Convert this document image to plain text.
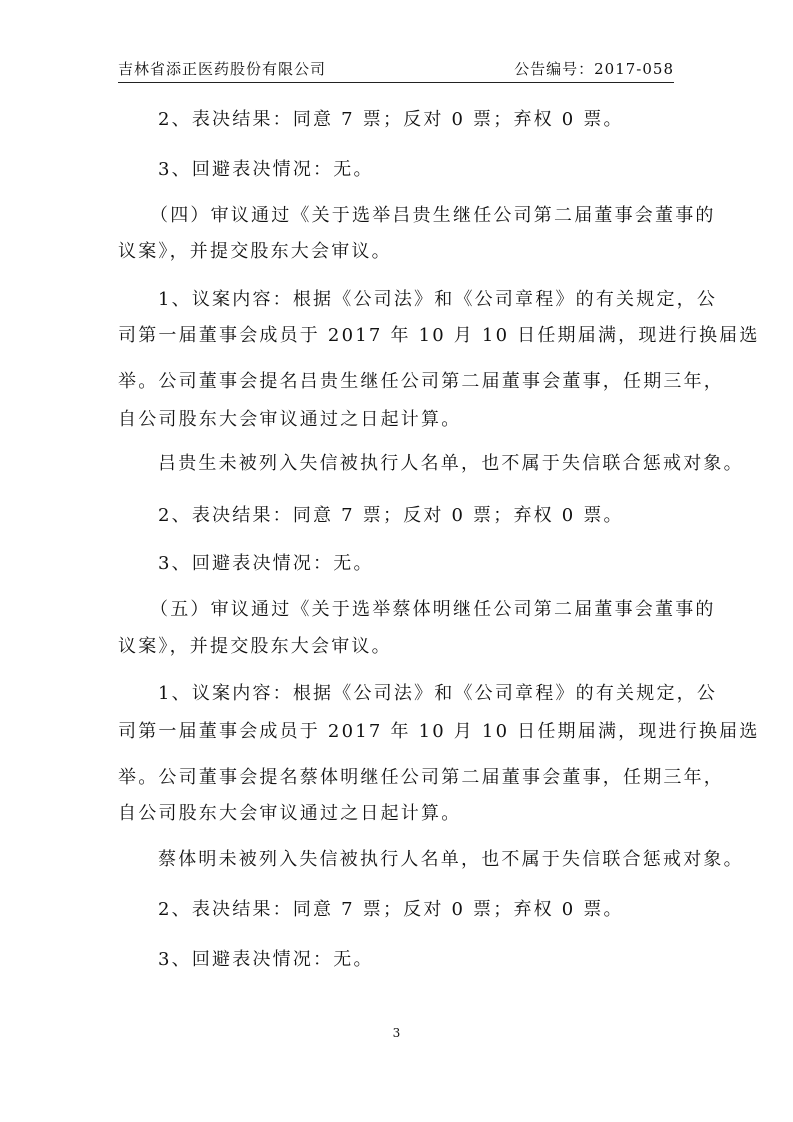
吉林省添正医药股份有限公司	公告编号：2017-058
2、表决结果：同意 7 票；反对 0 票；弃权 0 票。
3、回避表决情况：无。
（四）审议通过《关于选举吕贵生继任公司第二届董事会董事的
议案》，并提交股东大会审议。
1、议案内容：根据《公司法》和《公司章程》的有关规定，公
司第一届董事会成员于 2017 年 10 月 10 日任期届满，现进行换届选
举。公司董事会提名吕贵生继任公司第二届董事会董事，任期三年，
自公司股东大会审议通过之日起计算。
吕贵生未被列入失信被执行人名单，也不属于失信联合惩戒对象。
2、表决结果：同意 7 票；反对 0 票；弃权 0 票。
3、回避表决情况：无。
（五）审议通过《关于选举蔡体明继任公司第二届董事会董事的
议案》，并提交股东大会审议。
1、议案内容：根据《公司法》和《公司章程》的有关规定，公
司第一届董事会成员于 2017 年 10 月 10 日任期届满，现进行换届选
举。公司董事会提名蔡体明继任公司第二届董事会董事，任期三年，
自公司股东大会审议通过之日起计算。
蔡体明未被列入失信被执行人名单，也不属于失信联合惩戒对象。
2、表决结果：同意 7 票；反对 0 票；弃权 0 票。
3、回避表决情况：无。
3
